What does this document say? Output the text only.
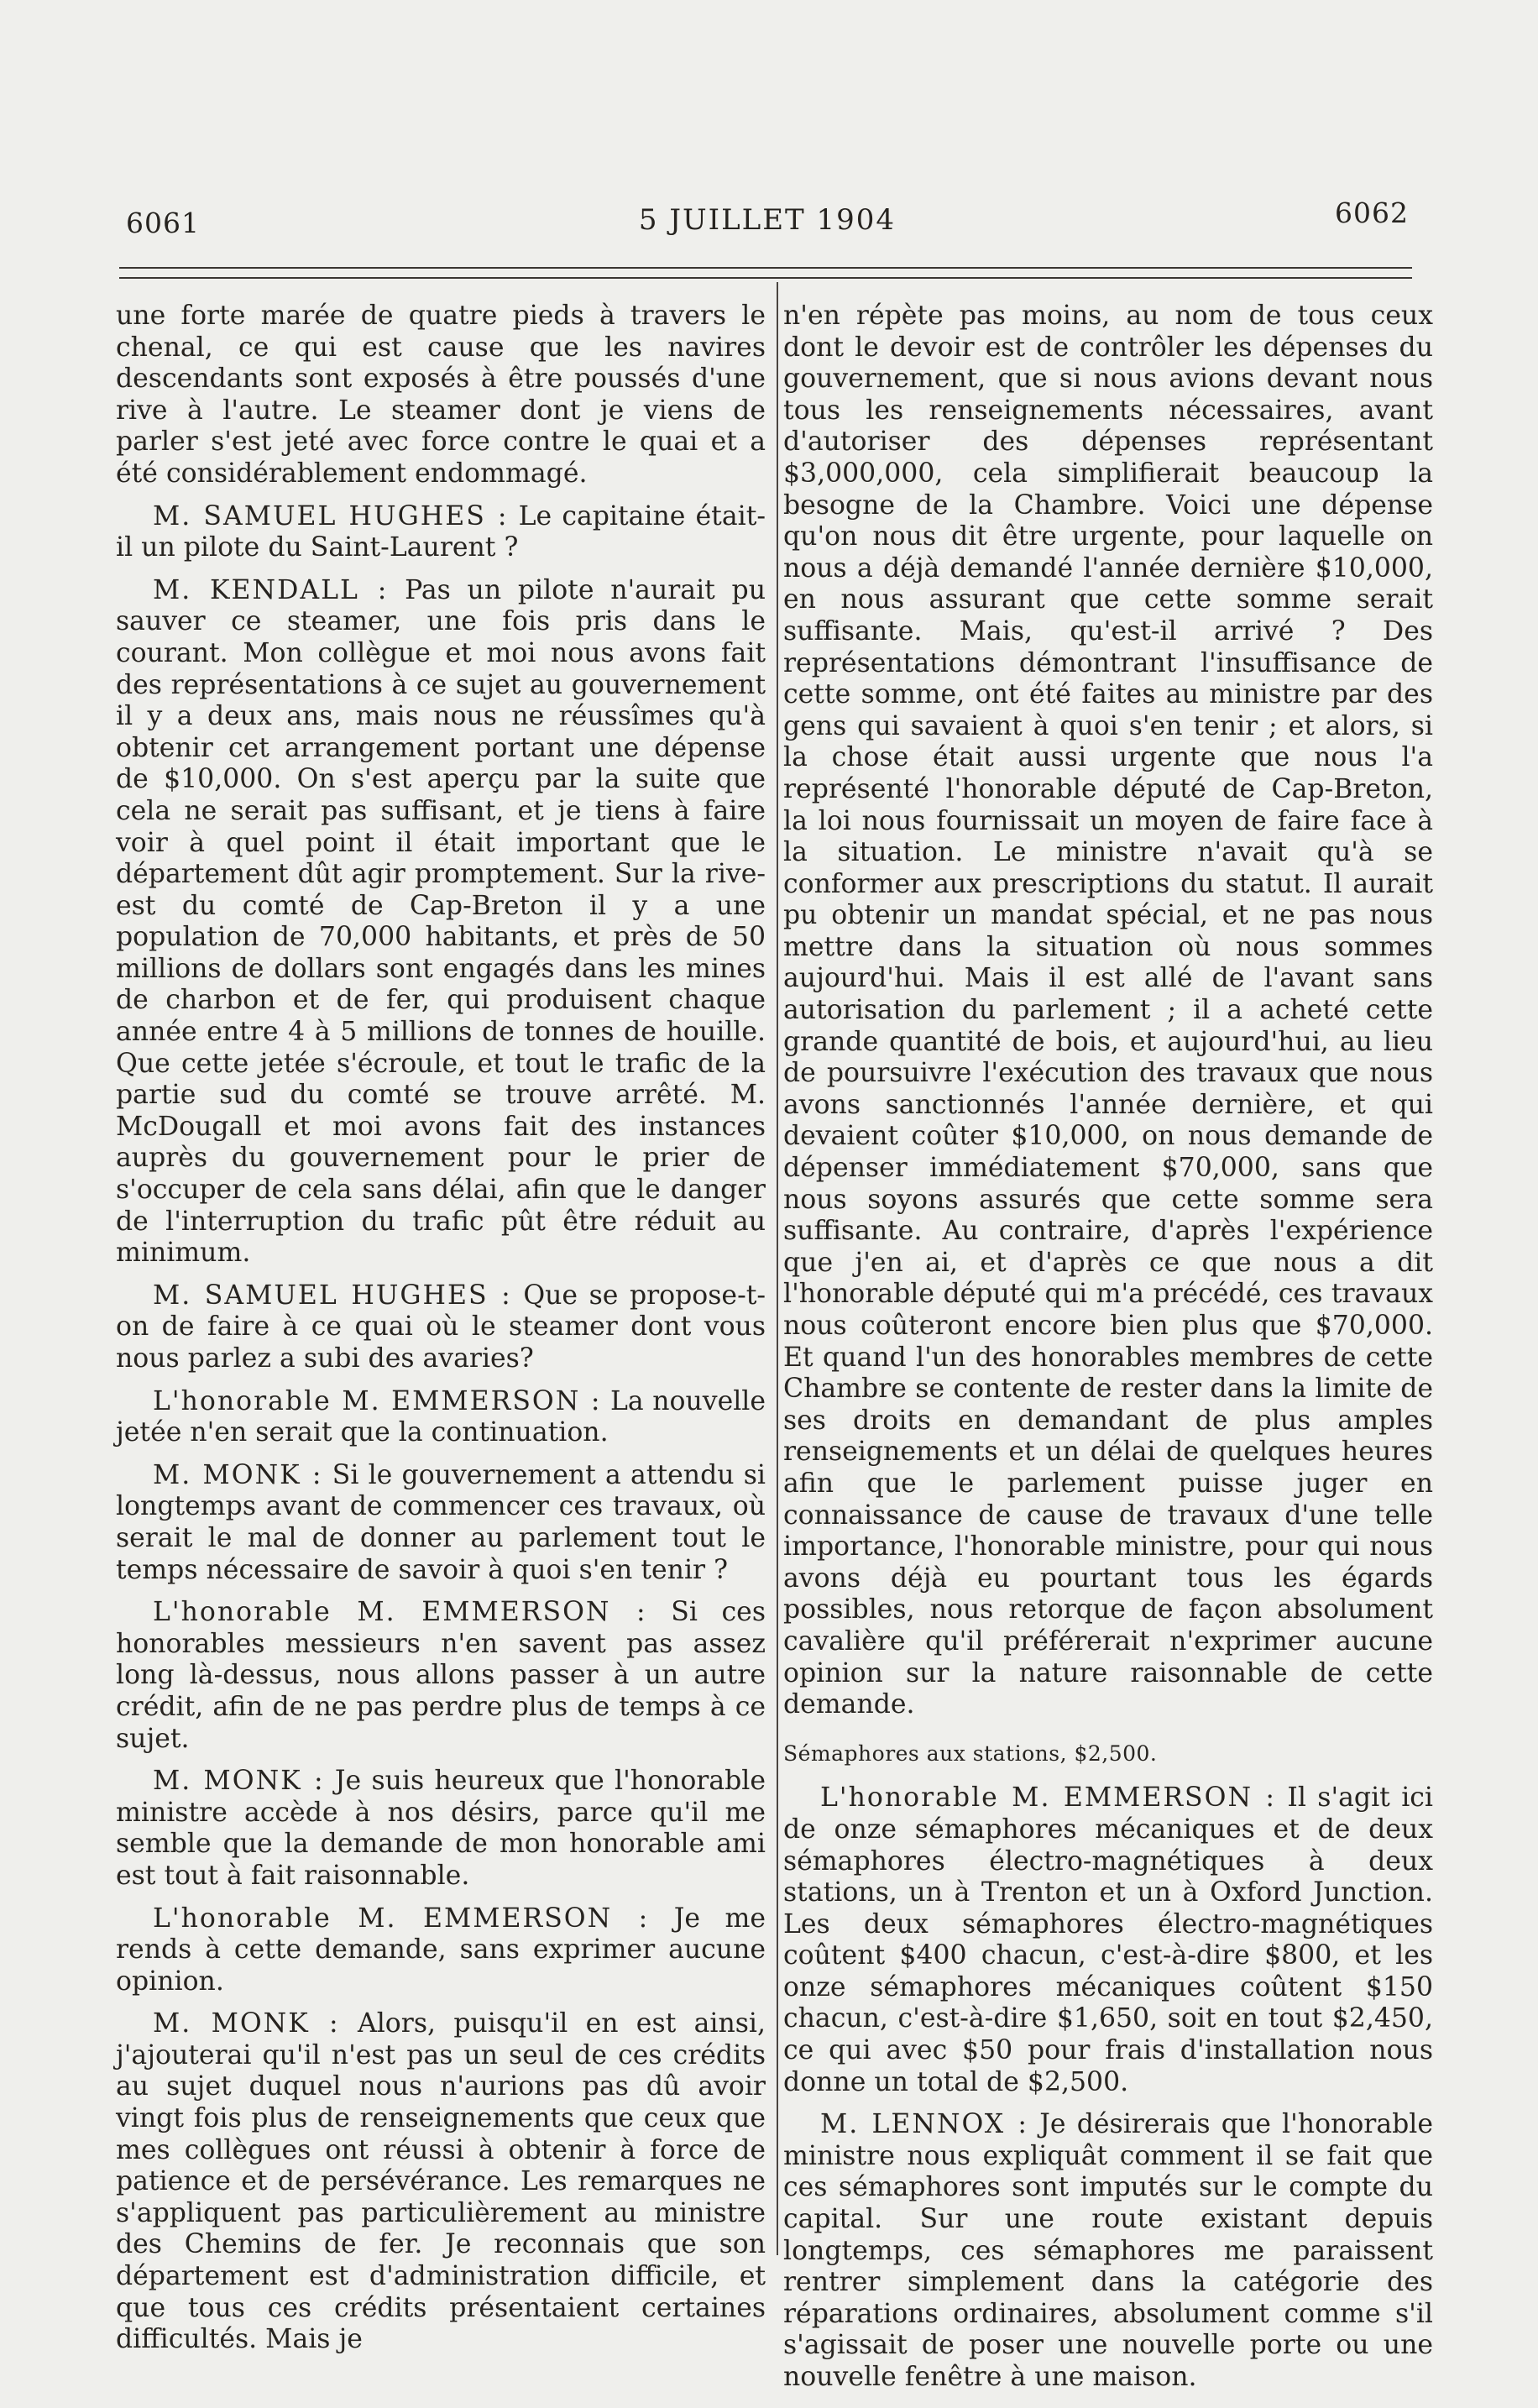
6061	5 JUILLET 1904	6062

une forte marée de quatre pieds à travers le chenal, ce qui est cause que les navires descendants sont exposés à être poussés d'une rive à l'autre. Le steamer dont je viens de parler s'est jeté avec force contre le quai et a été considérablement endommagé.

M. SAMUEL HUGHES : Le capitaine était-il un pilote du Saint-Laurent ?

M. KENDALL : Pas un pilote n'aurait pu sauver ce steamer, une fois pris dans le courant. Mon collègue et moi nous avons fait des représentations à ce sujet au gouvernement il y a deux ans, mais nous ne réussîmes qu'à obtenir cet arrangement portant une dépense de $10,000. On s'est aperçu par la suite que cela ne serait pas suffisant, et je tiens à faire voir à quel point il était important que le département dût agir promptement. Sur la rive-est du comté de Cap-Breton il y a une population de 70,000 habitants, et près de 50 millions de dollars sont engagés dans les mines de charbon et de fer, qui produisent chaque année entre 4 à 5 millions de tonnes de houille. Que cette jetée s'écroule, et tout le trafic de la partie sud du comté se trouve arrêté. M. McDougall et moi avons fait des instances auprès du gouvernement pour le prier de s'occuper de cela sans délai, afin que le danger de l'interruption du trafic pût être réduit au minimum.

M. SAMUEL HUGHES : Que se propose-t-on de faire à ce quai où le steamer dont vous nous parlez a subi des avaries?

L'honorable M. EMMERSON : La nouvelle jetée n'en serait que la continuation.

M. MONK : Si le gouvernement a attendu si longtemps avant de commencer ces travaux, où serait le mal de donner au parlement tout le temps nécessaire de savoir à quoi s'en tenir ?

L'honorable M. EMMERSON : Si ces honorables messieurs n'en savent pas assez long là-dessus, nous allons passer à un autre crédit, afin de ne pas perdre plus de temps à ce sujet.

M. MONK : Je suis heureux que l'honorable ministre accède à nos désirs, parce qu'il me semble que la demande de mon honorable ami est tout à fait raisonnable.

L'honorable M. EMMERSON : Je me rends à cette demande, sans exprimer aucune opinion.

M. MONK : Alors, puisqu'il en est ainsi, j'ajouterai qu'il n'est pas un seul de ces crédits au sujet duquel nous n'aurions pas dû avoir vingt fois plus de renseignements que ceux que mes collègues ont réussi à obtenir à force de patience et de persévérance. Les remarques ne s'appliquent pas particulièrement au ministre des Chemins de fer. Je reconnais que son département est d'administration difficile, et que tous ces crédits présentaient certaines difficultés. Mais je

n'en répète pas moins, au nom de tous ceux dont le devoir est de contrôler les dépenses du gouvernement, que si nous avions devant nous tous les renseignements nécessaires, avant d'autoriser des dépenses représentant $3,000,000, cela simplifierait beaucoup la besogne de la Chambre. Voici une dépense qu'on nous dit être urgente, pour laquelle on nous a déjà demandé l'année dernière $10,000, en nous assurant que cette somme serait suffisante. Mais, qu'est-il arrivé ? Des représentations démontrant l'insuffisance de cette somme, ont été faites au ministre par des gens qui savaient à quoi s'en tenir ; et alors, si la chose était aussi urgente que nous l'a représenté l'honorable député de Cap-Breton, la loi nous fournissait un moyen de faire face à la situation. Le ministre n'avait qu'à se conformer aux prescriptions du statut. Il aurait pu obtenir un mandat spécial, et ne pas nous mettre dans la situation où nous sommes aujourd'hui. Mais il est allé de l'avant sans autorisation du parlement ; il a acheté cette grande quantité de bois, et aujourd'hui, au lieu de poursuivre l'exécution des travaux que nous avons sanctionnés l'année dernière, et qui devaient coûter $10,000, on nous demande de dépenser immédiatement $70,000, sans que nous soyons assurés que cette somme sera suffisante. Au contraire, d'après l'expérience que j'en ai, et d'après ce que nous a dit l'honorable député qui m'a précédé, ces travaux nous coûteront encore bien plus que $70,000. Et quand l'un des honorables membres de cette Chambre se contente de rester dans la limite de ses droits en demandant de plus amples renseignements et un délai de quelques heures afin que le parlement puisse juger en connaissance de cause de travaux d'une telle importance, l'honorable ministre, pour qui nous avons déjà eu pourtant tous les égards possibles, nous retorque de façon absolument cavalière qu'il préférerait n'exprimer aucune opinion sur la nature raisonnable de cette demande.

Sémaphores aux stations, $2,500.

L'honorable M. EMMERSON : Il s'agit ici de onze sémaphores mécaniques et de deux sémaphores électro-magnétiques à deux stations, un à Trenton et un à Oxford Junction. Les deux sémaphores électro-magnétiques coûtent $400 chacun, c'est-à-dire $800, et les onze sémaphores mécaniques coûtent $150 chacun, c'est-à-dire $1,650, soit en tout $2,450, ce qui avec $50 pour frais d'installation nous donne un total de $2,500.

M. LENNOX : Je désirerais que l'honorable ministre nous expliquât comment il se fait que ces sémaphores sont imputés sur le compte du capital. Sur une route existant depuis longtemps, ces sémaphores me paraissent rentrer simplement dans la catégorie des réparations ordinaires, absolument comme s'il s'agissait de poser une nouvelle porte ou une nouvelle fenêtre à une maison.
